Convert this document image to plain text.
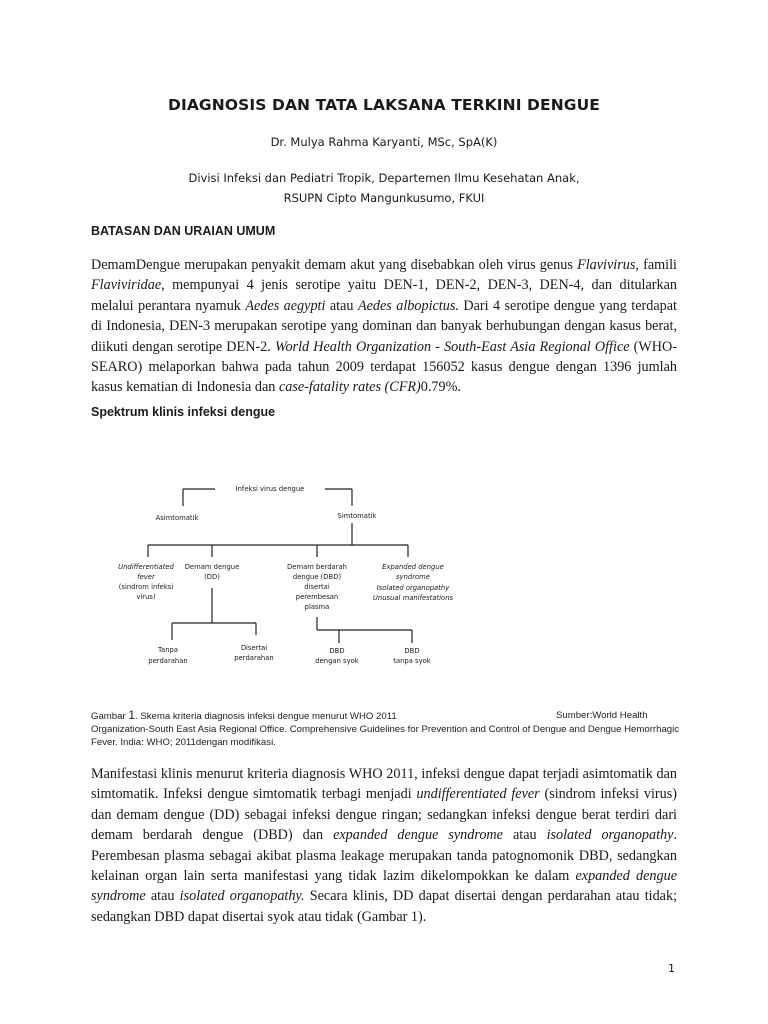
DIAGNOSIS DAN TATA LAKSANA TERKINI DENGUE
Dr. Mulya Rahma Karyanti, MSc, SpA(K)
Divisi Infeksi dan Pediatri Tropik, Departemen Ilmu Kesehatan Anak,
RSUPN Cipto Mangunkusumo, FKUI
BATASAN DAN URAIAN UMUM
DemamDengue merupakan penyakit demam akut yang disebabkan oleh virus genus Flavivirus, famili Flaviviridae, mempunyai 4 jenis serotipe yaitu DEN-1, DEN-2, DEN-3, DEN-4, dan ditularkan melalui perantara nyamuk Aedes aegypti atau Aedes albopictus. Dari 4 serotipe dengue yang terdapat di Indonesia, DEN-3 merupakan serotipe yang dominan dan banyak berhubungan dengan kasus berat, diikuti dengan serotipe DEN-2. World Health Organization - South-East Asia Regional Office (WHO-SEARO) melaporkan bahwa pada tahun 2009 terdapat 156052 kasus dengue dengan 1396 jumlah kasus kematian di Indonesia dan case-fatality rates (CFR)0.79%.
Spektrum klinis infeksi dengue
Infeksi virus dengue
Asimtomatik	Simtomatik
Undifferentiated
fever
(sindrom infeksi
virus)
Demam dengue
(DD)
Demam berdarah
dengue (DBD)
disertai
perembesan
plasma
Expanded dengue
syndrome
Isolated organopathy
Unusual manifestations
Tanpa
perdarahan
Disertai
perdarahan
DBD
dengan syok
DBD
tanpa syok
Gambar 1. Skema kriteria diagnosis infeksi dengue menurut WHO 2011	Sumber:World Health
Organization-South East Asia Regional Office. Comprehensive Guidelines for Prevention and Control of Dengue and Dengue Hemorrhagic
Fever. India: WHO; 2011dengan modifikasi.
Manifestasi klinis menurut kriteria diagnosis WHO 2011, infeksi dengue dapat terjadi asimtomatik dan simtomatik. Infeksi dengue simtomatik terbagi menjadi undifferentiated fever (sindrom infeksi virus) dan demam dengue (DD) sebagai infeksi dengue ringan; sedangkan infeksi dengue berat terdiri dari demam berdarah dengue (DBD) dan expanded dengue syndrome atau isolated organopathy. Perembesan plasma sebagai akibat plasma leakage merupakan tanda patognomonik DBD, sedangkan kelainan organ lain serta manifestasi yang tidak lazim dikelompokkan ke dalam expanded dengue syndrome atau isolated organopathy. Secara klinis, DD dapat disertai dengan perdarahan atau tidak; sedangkan DBD dapat disertai syok atau tidak (Gambar 1).
1
